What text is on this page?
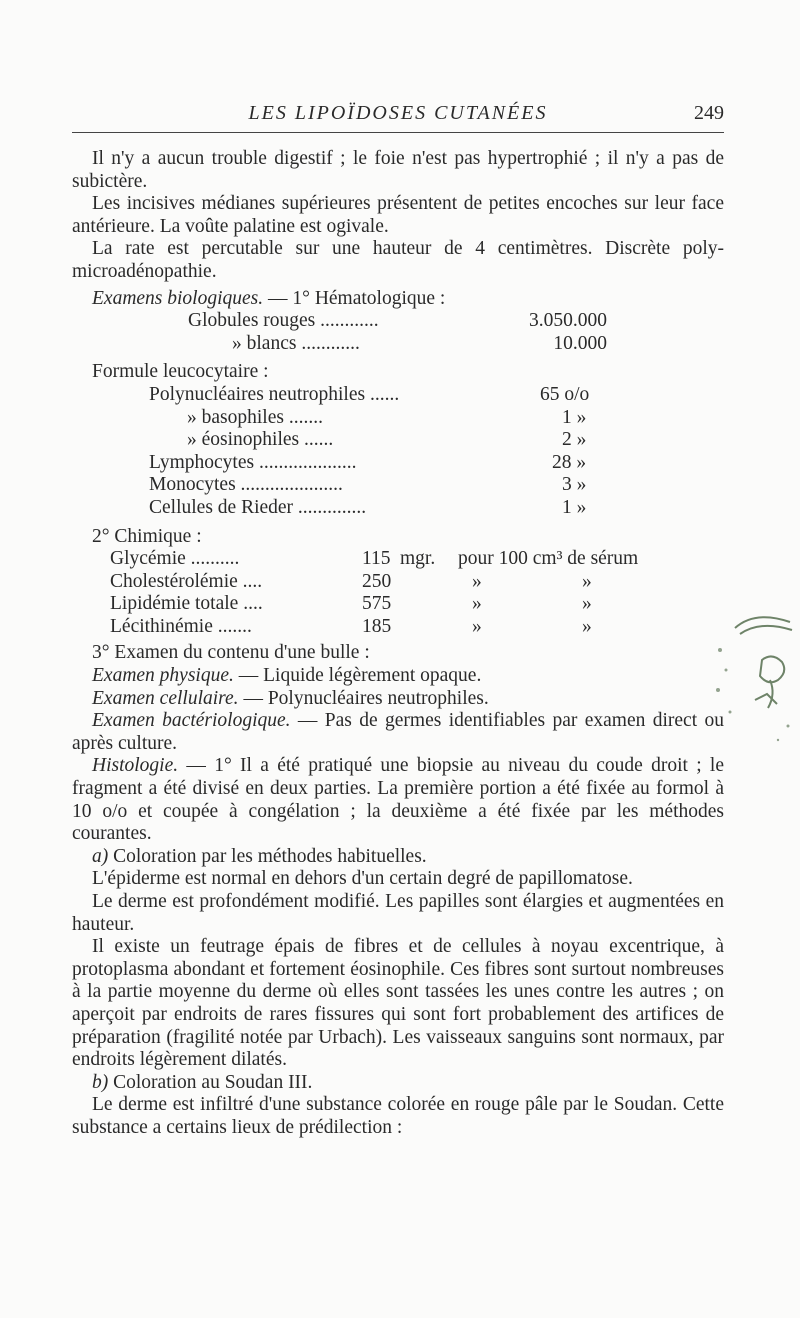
LES LIPOÏDOSES CUTANÉES	249

Il n'y a aucun trouble digestif ; le foie n'est pas hypertrophié ; il n'y a pas de subictère.

Les incisives médianes supérieures présentent de petites encoches sur leur face antérieure. La voûte palatine est ogivale.

La rate est percutable sur une hauteur de 4 centimètres. Discrète poly-microadénopathie.

Examens biologiques. — 1° Hématologique :

Globules rouges ............	3.050.000
» blancs ............	10.000

Formule leucocytaire :

Polynucléaires neutrophiles ......	65 o/o
» basophiles .......	1 »
» éosinophiles ......	2 »
Lymphocytes ....................	28 »
Monocytes .....................	3 »
Cellules de Rieder ..............	1 »

2° Chimique :

Glycémie ..........	115 mgr. pour 100 cm³ de sérum
Cholestérolémie ....	250	»	»
Lipidémie totale ....	575	»	»
Lécithinémie .......	185	»	»

3° Examen du contenu d'une bulle :

Examen physique. — Liquide légèrement opaque.

Examen cellulaire. — Polynucléaires neutrophiles.

Examen bactériologique. — Pas de germes identifiables par examen direct ou après culture.

Histologie. — 1° Il a été pratiqué une biopsie au niveau du coude droit ; le fragment a été divisé en deux parties. La première portion a été fixée au formol à 10 o/o et coupée à congélation ; la deuxième a été fixée par les méthodes courantes.

a) Coloration par les méthodes habituelles.

L'épiderme est normal en dehors d'un certain degré de papillomatose.

Le derme est profondément modifié. Les papilles sont élargies et augmentées en hauteur.

Il existe un feutrage épais de fibres et de cellules à noyau excentrique, à protoplasma abondant et fortement éosinophile. Ces fibres sont surtout nombreuses à la partie moyenne du derme où elles sont tassées les unes contre les autres ; on aperçoit par endroits de rares fissures qui sont fort probablement des artifices de préparation (fragilité notée par Urbach). Les vaisseaux sanguins sont normaux, par endroits légèrement dilatés.

b) Coloration au Soudan III.

Le derme est infiltré d'une substance colorée en rouge pâle par le Soudan. Cette substance a certains lieux de prédilection :
